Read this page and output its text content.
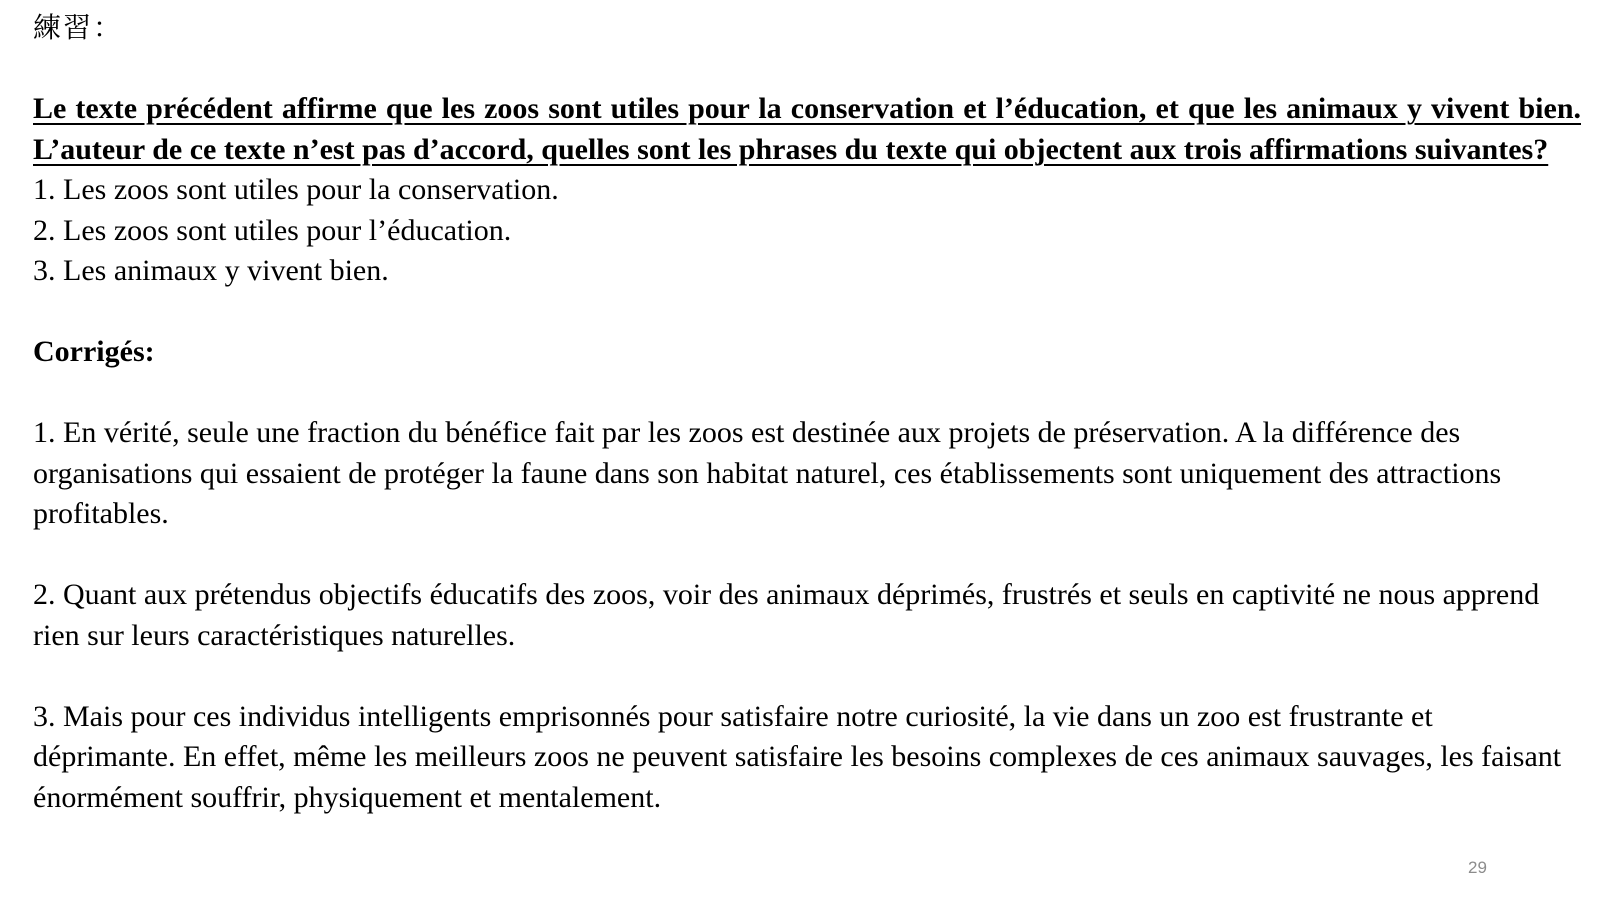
練習：

Le texte précédent affirme que les zoos sont utiles pour la conservation et l’éducation, et que les animaux y vivent bien. L’auteur de ce texte n’est pas d’accord, quelles sont les phrases du texte qui objectent aux trois affirmations suivantes?

1. Les zoos sont utiles pour la conservation.

2. Les zoos sont utiles pour l’éducation.

3. Les animaux y vivent bien.

Corrigés:

1. En vérité, seule une fraction du bénéfice fait par les zoos est destinée aux projets de préservation. A la différence des organisations qui essaient de protéger la faune dans son habitat naturel, ces établissements sont uniquement des attractions profitables.

2. Quant aux prétendus objectifs éducatifs des zoos, voir des animaux déprimés, frustrés et seuls en captivité ne nous apprend rien sur leurs caractéristiques naturelles.

3. Mais pour ces individus intelligents emprisonnés pour satisfaire notre curiosité, la vie dans un zoo est frustrante et déprimante. En effet, même les meilleurs zoos ne peuvent satisfaire les besoins complexes de ces animaux sauvages, les faisant énormément souffrir, physiquement et mentalement.

29
